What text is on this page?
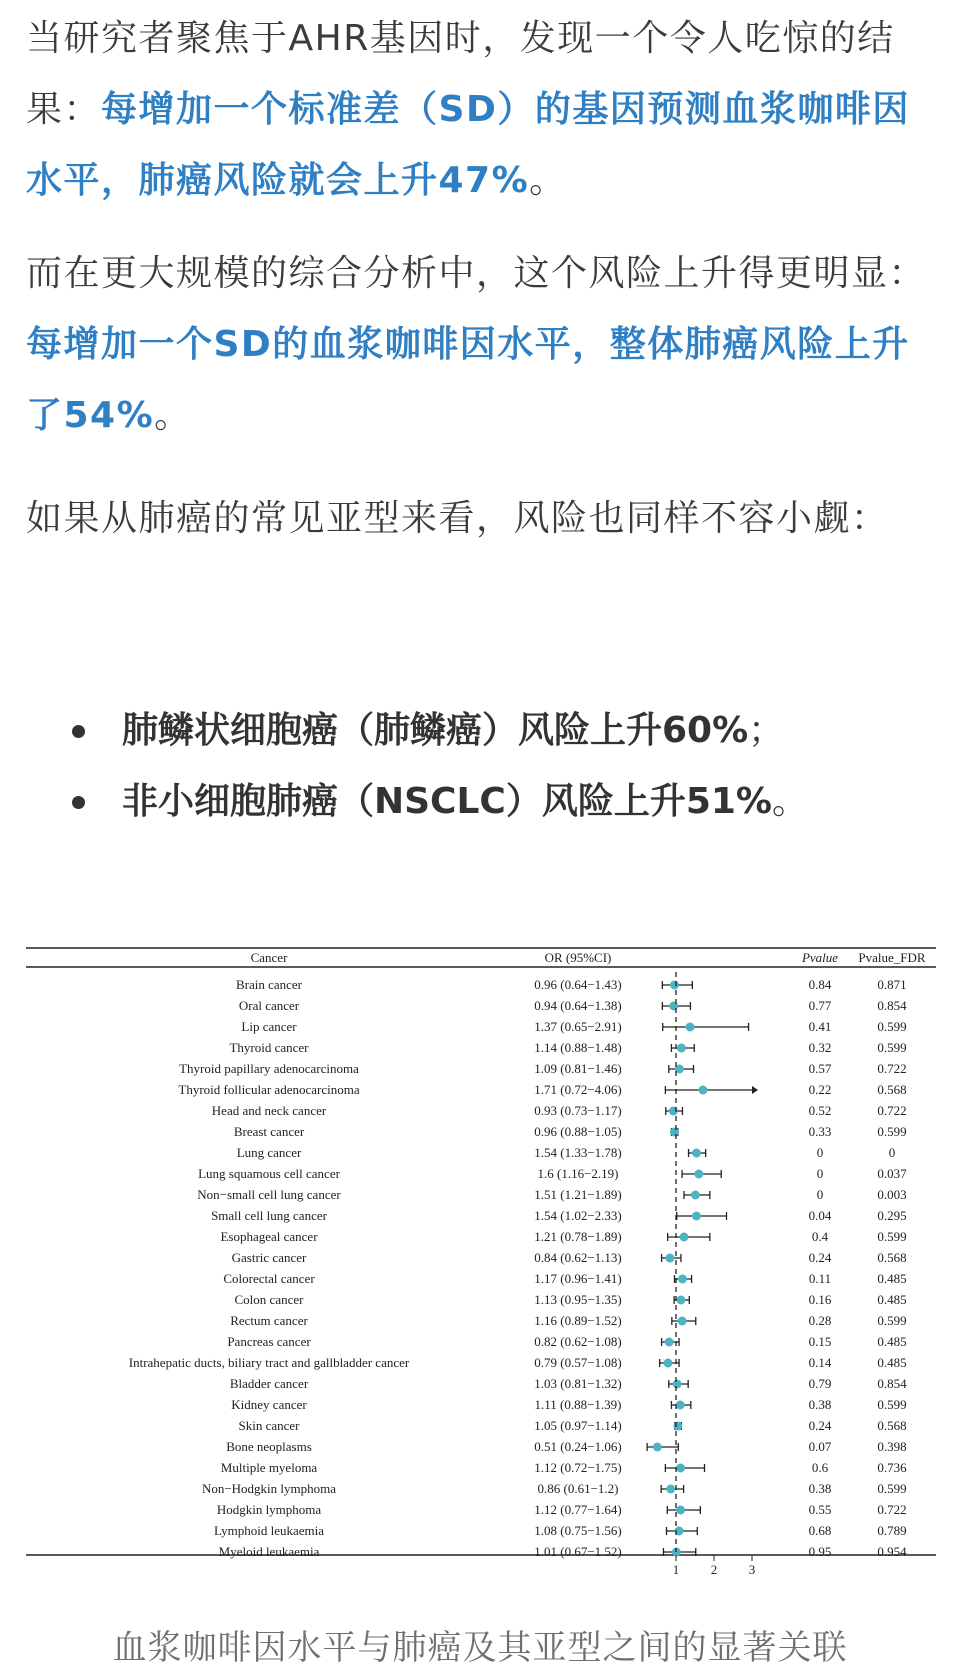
当研究者聚焦于AHR基因时，发现一个令人吃惊的结果：每增加一个标准差（SD）的基因预测血浆咖啡因水平，肺癌风险就会上升47%。

而在更大规模的综合分析中，这个风险上升得更明显：每增加一个SD的血浆咖啡因水平，整体肺癌风险上升了54%。

如果从肺癌的常见亚型来看，风险也同样不容小觑：

肺鳞状细胞癌（肺鳞癌）风险上升60%；
非小细胞肺癌（NSCLC）风险上升51%。
Cancer	OR (95%CI)	Pvalue Pvalue_FDR
Brain cancer	0.96 (0.64−1.43)	0.84	0.871
Oral cancer	0.94 (0.64−1.38)	0.77	0.854
Lip cancer	1.37 (0.65−2.91)	0.41	0.599
Thyroid cancer	1.14 (0.88−1.48)	0.32	0.599
Thyroid papillary adenocarcinoma	1.09 (0.81−1.46)	0.57	0.722
Thyroid follicular adenocarcinoma	1.71 (0.72−4.06)	0.22	0.568
Head and neck cancer	0.93 (0.73−1.17)	0.52	0.722
Breast cancer	0.96 (0.88−1.05)	0.33	0.599
Lung cancer	1.54 (1.33−1.78)	0	0
Lung squamous cell cancer	1.6 (1.16−2.19)	0	0.037
Non−small cell lung cancer	1.51 (1.21−1.89)	0	0.003
Small cell lung cancer	1.54 (1.02−2.33)	0.04	0.295
Esophageal cancer	1.21 (0.78−1.89)	0.4	0.599
Gastric cancer	0.84 (0.62−1.13)	0.24	0.568
Colorectal cancer	1.17 (0.96−1.41)	0.11	0.485
Colon cancer	1.13 (0.95−1.35)	0.16	0.485
Rectum cancer	1.16 (0.89−1.52)	0.28	0.599
Pancreas cancer	0.82 (0.62−1.08)	0.15	0.485
Intrahepatic ducts, biliary tract and gallbladder cancer	0.79 (0.57−1.08)	0.14	0.485
Bladder cancer	1.03 (0.81−1.32)	0.79	0.854
Kidney cancer	1.11 (0.88−1.39)	0.38	0.599
Skin cancer	1.05 (0.97−1.14)	0.24	0.568
Bone neoplasms	0.51 (0.24−1.06)	0.07	0.398
Multiple myeloma	1.12 (0.72−1.75)	0.6	0.736
Non−Hodgkin lymphoma	0.86 (0.61−1.2)	0.38	0.599
Hodgkin lymphoma	1.12 (0.77−1.64)	0.55	0.722
Lymphoid leukaemia	1.08 (0.75−1.56)	0.68	0.789
Myeloid leukaemia	1.01 (0.67−1.52)	0.95	0.954
1 2 3
血浆咖啡因水平与肺癌及其亚型之间的显著关联
